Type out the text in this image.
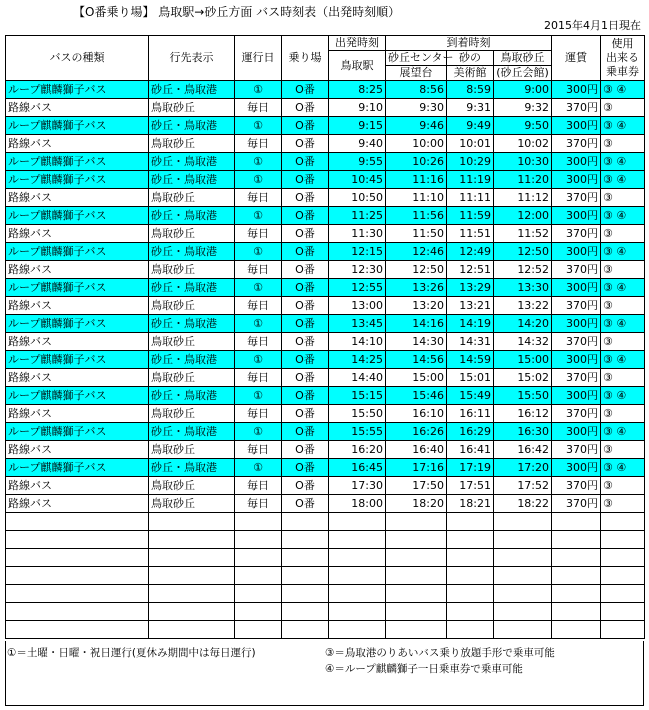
【O番乗り場】 鳥取駅→砂丘方面 バス時刻表（出発時刻順）
2015年4月1日現在
バスの種類	行先表示	運行日	乗り場	出発時刻	到着時刻			運賃	使用
出来る
乗車券

				鳥取駅	砂丘センター	砂の	鳥取砂丘		
					展望台	美術館	(砂丘会館)		
ループ麒麟獅子バス	砂丘・鳥取港	①	O番	8:25	8:56	8:59	9:00	300円	③ ④
路線バス	鳥取砂丘	毎日	O番	9:10	9:30	9:31	9:32	370円	③
ループ麒麟獅子バス	砂丘・鳥取港	①	O番	9:15	9:46	9:49	9:50	300円	③ ④
路線バス	鳥取砂丘	毎日	O番	9:40	10:00	10:01	10:02	370円	③
ループ麒麟獅子バス	砂丘・鳥取港	①	O番	9:55	10:26	10:29	10:30	300円	③ ④
ループ麒麟獅子バス	砂丘・鳥取港	①	O番	10:45	11:16	11:19	11:20	300円	③ ④
路線バス	鳥取砂丘	毎日	O番	10:50	11:10	11:11	11:12	370円	③
ループ麒麟獅子バス	砂丘・鳥取港	①	O番	11:25	11:56	11:59	12:00	300円	③ ④
路線バス	鳥取砂丘	毎日	O番	11:30	11:50	11:51	11:52	370円	③
ループ麒麟獅子バス	砂丘・鳥取港	①	O番	12:15	12:46	12:49	12:50	300円	③ ④
路線バス	鳥取砂丘	毎日	O番	12:30	12:50	12:51	12:52	370円	③
ループ麒麟獅子バス	砂丘・鳥取港	①	O番	12:55	13:26	13:29	13:30	300円	③ ④
路線バス	鳥取砂丘	毎日	O番	13:00	13:20	13:21	13:22	370円	③
ループ麒麟獅子バス	砂丘・鳥取港	①	O番	13:45	14:16	14:19	14:20	300円	③ ④
路線バス	鳥取砂丘	毎日	O番	14:10	14:30	14:31	14:32	370円	③
ループ麒麟獅子バス	砂丘・鳥取港	①	O番	14:25	14:56	14:59	15:00	300円	③ ④
路線バス	鳥取砂丘	毎日	O番	14:40	15:00	15:01	15:02	370円	③
ループ麒麟獅子バス	砂丘・鳥取港	①	O番	15:15	15:46	15:49	15:50	300円	③ ④
路線バス	鳥取砂丘	毎日	O番	15:50	16:10	16:11	16:12	370円	③
ループ麒麟獅子バス	砂丘・鳥取港	①	O番	15:55	16:26	16:29	16:30	300円	③ ④
路線バス	鳥取砂丘	毎日	O番	16:20	16:40	16:41	16:42	370円	③
ループ麒麟獅子バス	砂丘・鳥取港	①	O番	16:45	17:16	17:19	17:20	300円	③ ④
路線バス	鳥取砂丘	毎日	O番	17:30	17:50	17:51	17:52	370円	③
路線バス	鳥取砂丘	毎日	O番	18:00	18:20	18:21	18:22	370円	③

①＝土曜・日曜・祝日運行(夏休み期間中は毎日運行)	③＝鳥取港のりあいバス乗り放題手形で乗車可能
④＝ループ麒麟獅子一日乗車券で乗車可能
